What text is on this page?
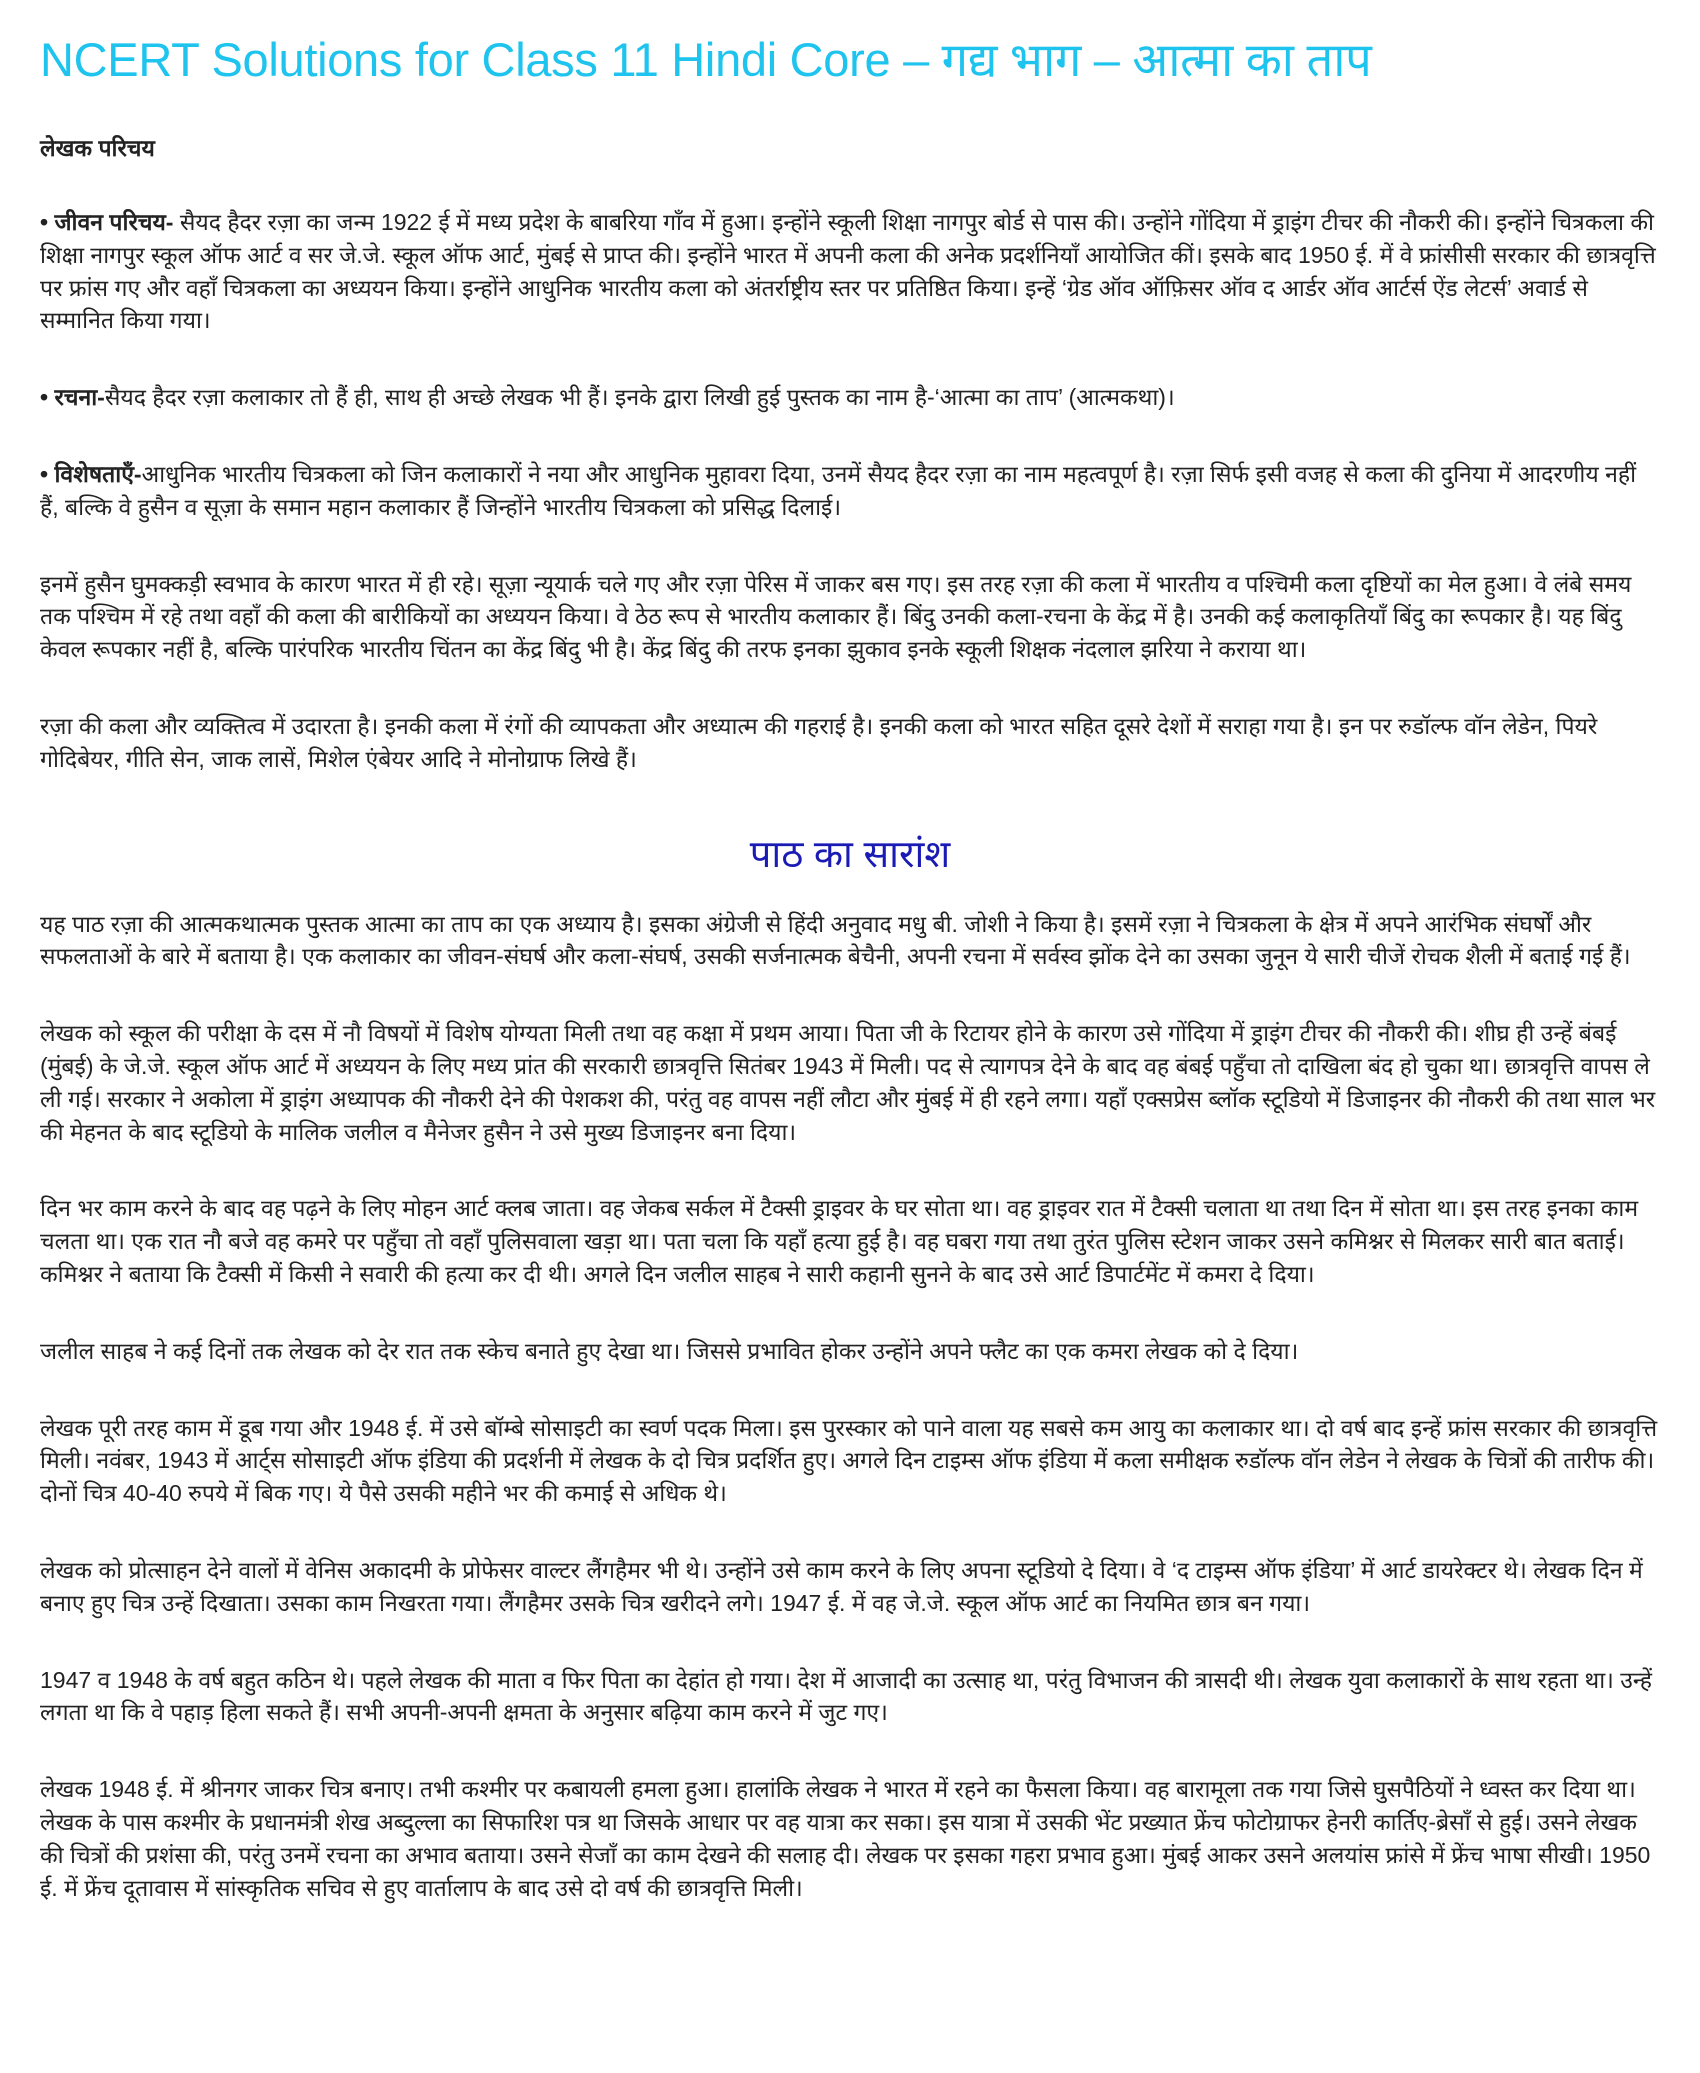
NCERT Solutions for Class 11 Hindi Core – गद्य भाग – आत्मा का ताप
लेखक परिचय

• जीवन परिचय- सैयद हैदर रज़ा का जन्म 1922 ई में मध्य प्रदेश के बाबरिया गाँव में हुआ। इन्होंने स्कूली शिक्षा नागपुर बोर्ड से पास की। उन्होंने गोंदिया में ड्राइंग टीचर की नौकरी की। इन्होंने चित्रकला की शिक्षा नागपुर स्कूल ऑफ आर्ट व सर जे.जे. स्कूल ऑफ आर्ट, मुंबई से प्राप्त की। इन्होंने भारत में अपनी कला की अनेक प्रदर्शनियाँ आयोजित कीं। इसके बाद 1950 ई. में वे फ्रांसीसी सरकार की छात्रवृत्ति पर फ्रांस गए और वहाँ चित्रकला का अध्ययन किया। इन्होंने आधुनिक भारतीय कला को अंतर्राष्ट्रीय स्तर पर प्रतिष्ठित किया। इन्हें ‘ग्रेड ऑव ऑफ़िसर ऑव द आर्डर ऑव आर्टर्स ऐंड लेटर्स’ अवार्ड से सम्मानित किया गया।

• रचना-सैयद हैदर रज़ा कलाकार तो हैं ही, साथ ही अच्छे लेखक भी हैं। इनके द्वारा लिखी हुई पुस्तक का नाम है-‘आत्मा का ताप’ (आत्मकथा)।

• विशेषताएँ-आधुनिक भारतीय चित्रकला को जिन कलाकारों ने नया और आधुनिक मुहावरा दिया, उनमें सैयद हैदर रज़ा का नाम महत्वपूर्ण है। रज़ा सिर्फ इसी वजह से कला की दुनिया में आदरणीय नहीं हैं, बल्कि वे हुसैन व सूज़ा के समान महान कलाकार हैं जिन्होंने भारतीय चित्रकला को प्रसिद्ध दिलाई।

इनमें हुसैन घुमक्कड़ी स्वभाव के कारण भारत में ही रहे। सूज़ा न्यूयार्क चले गए और रज़ा पेरिस में जाकर बस गए। इस तरह रज़ा की कला में भारतीय व पश्चिमी कला दृष्टियों का मेल हुआ। वे लंबे समय तक पश्चिम में रहे तथा वहाँ की कला की बारीकियों का अध्ययन किया। वे ठेठ रूप से भारतीय कलाकार हैं। बिंदु उनकी कला-रचना के केंद्र में है। उनकी कई कलाकृतियाँ बिंदु का रूपकार है। यह बिंदु केवल रूपकार नहीं है, बल्कि पारंपरिक भारतीय चिंतन का केंद्र बिंदु भी है। केंद्र बिंदु की तरफ इनका झुकाव इनके स्कूली शिक्षक नंदलाल झरिया ने कराया था।

रज़ा की कला और व्यक्तित्व में उदारता है। इनकी कला में रंगों की व्यापकता और अध्यात्म की गहराई है। इनकी कला को भारत सहित दूसरे देशों में सराहा गया है। इन पर रुडॉल्फ वॉन लेडेन, पियरे गोदिबेयर, गीति सेन, जाक लासें, मिशेल एंबेयर आदि ने मोनोग्राफ लिखे हैं।

पाठ का सारांश

यह पाठ रज़ा की आत्मकथात्मक पुस्तक आत्मा का ताप का एक अध्याय है। इसका अंग्रेजी से हिंदी अनुवाद मधु बी. जोशी ने किया है। इसमें रज़ा ने चित्रकला के क्षेत्र में अपने आरंभिक संघर्षों और सफलताओं के बारे में बताया है। एक कलाकार का जीवन-संघर्ष और कला-संघर्ष, उसकी सर्जनात्मक बेचैनी, अपनी रचना में सर्वस्व झोंक देने का उसका जुनून ये सारी चीजें रोचक शैली में बताई गई हैं।

लेखक को स्कूल की परीक्षा के दस में नौ विषयों में विशेष योग्यता मिली तथा वह कक्षा में प्रथम आया। पिता जी के रिटायर होने के कारण उसे गोंदिया में ड्राइंग टीचर की नौकरी की। शीघ्र ही उन्हें बंबई (मुंबई) के जे.जे. स्कूल ऑफ आर्ट में अध्ययन के लिए मध्य प्रांत की सरकारी छात्रवृत्ति सितंबर 1943 में मिली। पद से त्यागपत्र देने के बाद वह बंबई पहुँचा तो दाखिला बंद हो चुका था। छात्रवृत्ति वापस ले ली गई। सरकार ने अकोला में ड्राइंग अध्यापक की नौकरी देने की पेशकश की, परंतु वह वापस नहीं लौटा और मुंबई में ही रहने लगा। यहाँ एक्सप्रेस ब्लॉक स्टूडियो में डिजाइनर की नौकरी की तथा साल भर की मेहनत के बाद स्टूडियो के मालिक जलील व मैनेजर हुसैन ने उसे मुख्य डिजाइनर बना दिया।

दिन भर काम करने के बाद वह पढ़ने के लिए मोहन आर्ट क्लब जाता। वह जेकब सर्कल में टैक्सी ड्राइवर के घर सोता था। वह ड्राइवर रात में टैक्सी चलाता था तथा दिन में सोता था। इस तरह इनका काम चलता था। एक रात नौ बजे वह कमरे पर पहुँचा तो वहाँ पुलिसवाला खड़ा था। पता चला कि यहाँ हत्या हुई है। वह घबरा गया तथा तुरंत पुलिस स्टेशन जाकर उसने कमिश्नर से मिलकर सारी बात बताई। कमिश्नर ने बताया कि टैक्सी में किसी ने सवारी की हत्या कर दी थी। अगले दिन जलील साहब ने सारी कहानी सुनने के बाद उसे आर्ट डिपार्टमेंट में कमरा दे दिया।

जलील साहब ने कई दिनों तक लेखक को देर रात तक स्केच बनाते हुए देखा था। जिससे प्रभावित होकर उन्होंने अपने फ्लैट का एक कमरा लेखक को दे दिया।

लेखक पूरी तरह काम में डूब गया और 1948 ई. में उसे बॉम्बे सोसाइटी का स्वर्ण पदक मिला। इस पुरस्कार को पाने वाला यह सबसे कम आयु का कलाकार था। दो वर्ष बाद इन्हें फ्रांस सरकार की छात्रवृत्ति मिली। नवंबर, 1943 में आर्ट्स सोसाइटी ऑफ इंडिया की प्रदर्शनी में लेखक के दो चित्र प्रदर्शित हुए। अगले दिन टाइम्स ऑफ इंडिया में कला समीक्षक रुडॉल्फ वॉन लेडेन ने लेखक के चित्रों की तारीफ की। दोनों चित्र 40-40 रुपये में बिक गए। ये पैसे उसकी महीने भर की कमाई से अधिक थे।

लेखक को प्रोत्साहन देने वालों में वेनिस अकादमी के प्रोफेसर वाल्टर लैंगहैमर भी थे। उन्होंने उसे काम करने के लिए अपना स्टूडियो दे दिया। वे ‘द टाइम्स ऑफ इंडिया’ में आर्ट डायरेक्टर थे। लेखक दिन में बनाए हुए चित्र उन्हें दिखाता। उसका काम निखरता गया। लैंगहैमर उसके चित्र खरीदने लगे। 1947 ई. में वह जे.जे. स्कूल ऑफ आर्ट का नियमित छात्र बन गया।

1947 व 1948 के वर्ष बहुत कठिन थे। पहले लेखक की माता व फिर पिता का देहांत हो गया। देश में आजादी का उत्साह था, परंतु विभाजन की त्रासदी थी। लेखक युवा कलाकारों के साथ रहता था। उन्हें लगता था कि वे पहाड़ हिला सकते हैं। सभी अपनी-अपनी क्षमता के अनुसार बढ़िया काम करने में जुट गए।

लेखक 1948 ई. में श्रीनगर जाकर चित्र बनाए। तभी कश्मीर पर कबायली हमला हुआ। हालांकि लेखक ने भारत में रहने का फैसला किया। वह बारामूला तक गया जिसे घुसपैठियों ने ध्वस्त कर दिया था। लेखक के पास कश्मीर के प्रधानमंत्री शेख अब्दुल्ला का सिफारिश पत्र था जिसके आधार पर वह यात्रा कर सका। इस यात्रा में उसकी भेंट प्रख्यात फ्रेंच फोटोग्राफर हेनरी कार्तिए-ब्रेसाँ से हुई। उसने लेखक की चित्रों की प्रशंसा की, परंतु उनमें रचना का अभाव बताया। उसने सेजाँ का काम देखने की सलाह दी। लेखक पर इसका गहरा प्रभाव हुआ। मुंबई आकर उसने अलयांस फ्रांसे में फ्रेंच भाषा सीखी। 1950 ई. में फ्रेंच दूतावास में सांस्कृतिक सचिव से हुए वार्तालाप के बाद उसे दो वर्ष की छात्रवृत्ति मिली।
